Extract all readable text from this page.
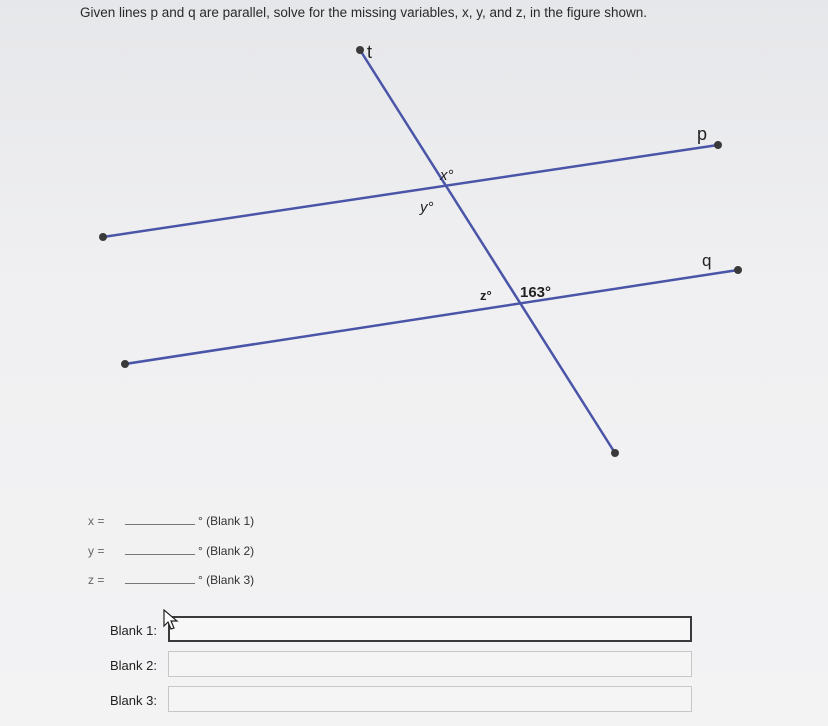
Given lines p and q are parallel, solve for the missing variables, x, y, and z, in the figure shown.
t
p
q
x°
y°
z° 163°
x =	° (Blank 1)
y =	° (Blank 2)
z =	° (Blank 3)
Blank 1:
Blank 2:
Blank 3:
